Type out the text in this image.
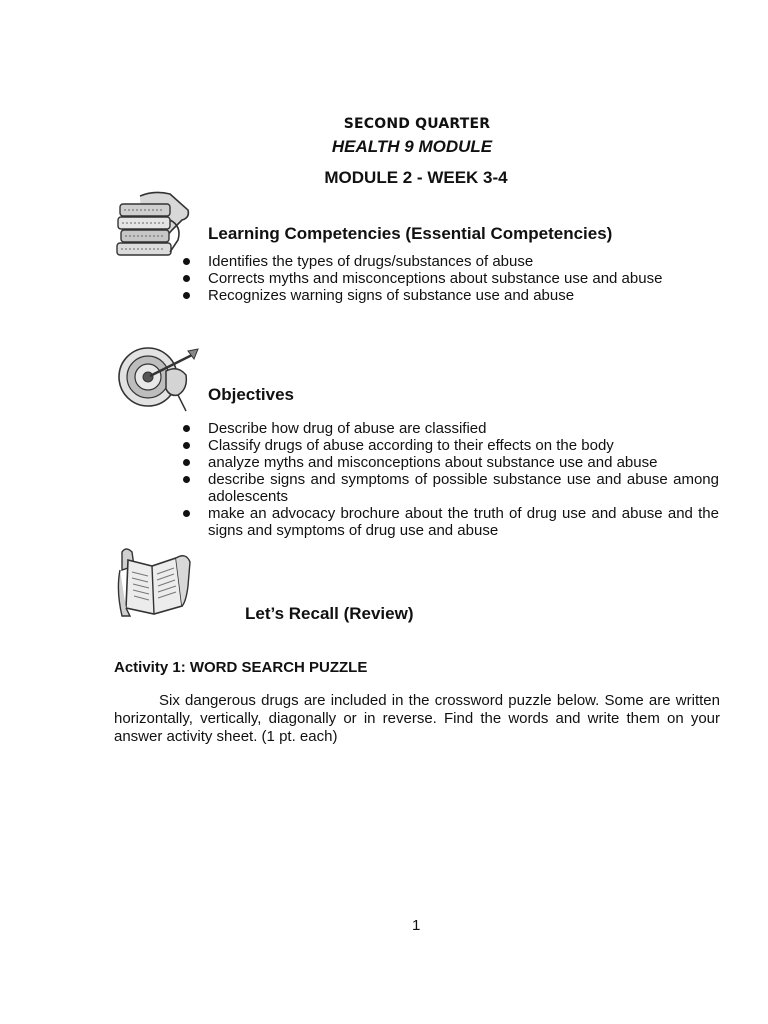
SECOND QUARTER
HEALTH 9 MODULE
MODULE 2 - WEEK 3-4
Learning Competencies (Essential Competencies)
Identifies the types of drugs/substances of abuse
Corrects myths and misconceptions about substance use and abuse
Recognizes warning signs of substance use and abuse
Objectives
Describe how drug of abuse are classified
Classify drugs of abuse according to their effects on the body
analyze myths and misconceptions about substance use and abuse
describe signs and symptoms of possible substance use and abuse among adolescents
make an advocacy brochure about the truth of drug use and abuse and the signs and symptoms of drug use and abuse
Let’s Recall (Review)
Activity 1: WORD SEARCH PUZZLE

Six dangerous drugs are included in the crossword puzzle below. Some are written horizontally, vertically, diagonally or in reverse. Find the words and write them on your answer activity sheet. (1 pt. each)

1
